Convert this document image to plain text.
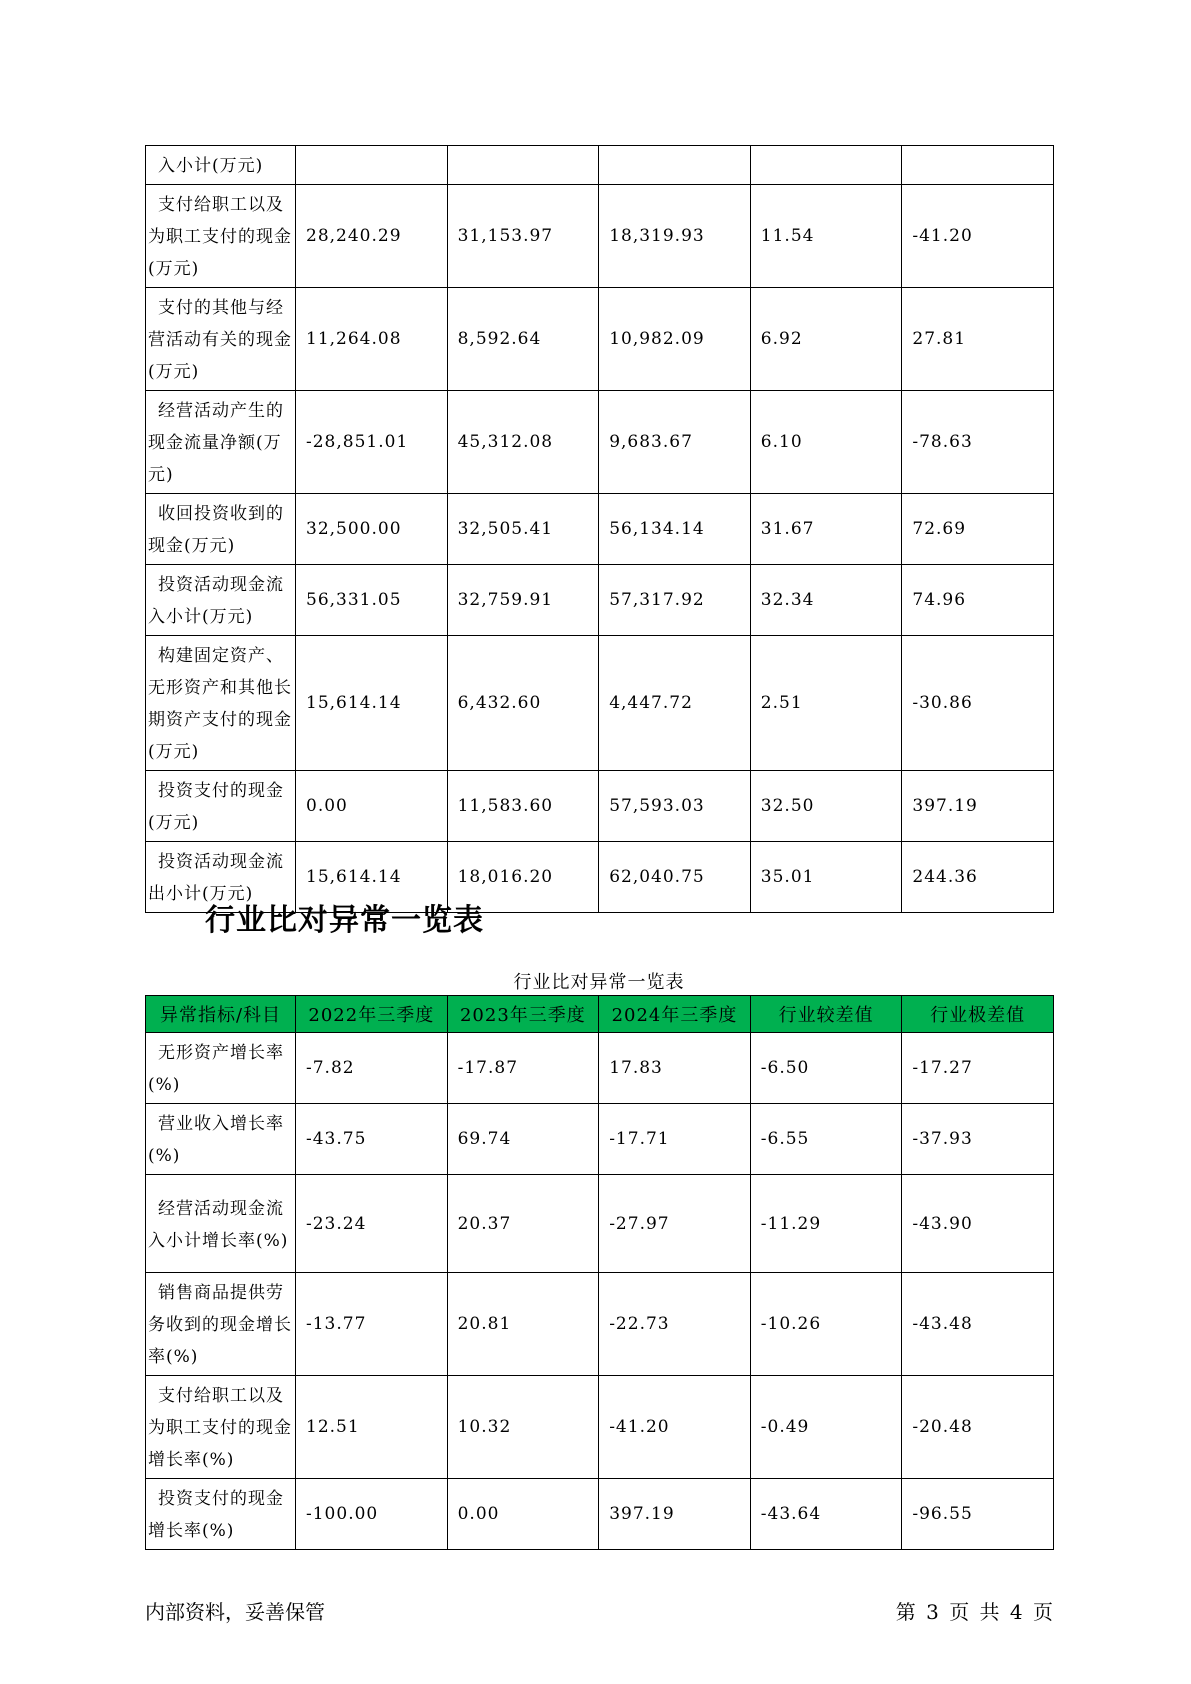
入小计(万元)					
支付给职工以及为职工支付的现金(万元)	28,240.29	31,153.97	18,319.93	11.54	-41.20
支付的其他与经营活动有关的现金(万元)	11,264.08	8,592.64	10,982.09	6.92	27.81
经营活动产生的现金流量净额(万元)	-28,851.01	45,312.08	9,683.67	6.10	-78.63
收回投资收到的现金(万元)	32,500.00	32,505.41	56,134.14	31.67	72.69
投资活动现金流入小计(万元)	56,331.05	32,759.91	57,317.92	32.34	74.96
构建固定资产、无形资产和其他长期资产支付的现金(万元)	15,614.14	6,432.60	4,447.72	2.51	-30.86
投资支付的现金(万元)	0.00	11,583.60	57,593.03	32.50	397.19
投资活动现金流出小计(万元)	15,614.14	18,016.20	62,040.75	35.01	244.36
行业比对异常一览表
行业比对异常一览表
异常指标/科目	2022年三季度	2023年三季度	2024年三季度	行业较差值	行业极差值
无形资产增长率(%)	-7.82	-17.87	17.83	-6.50	-17.27
营业收入增长率(%)	-43.75	69.74	-17.71	-6.55	-37.93
经营活动现金流入小计增长率(%)	-23.24	20.37	-27.97	-11.29	-43.90
销售商品提供劳务收到的现金增长率(%)	-13.77	20.81	-22.73	-10.26	-43.48
支付给职工以及为职工支付的现金增长率(%)	12.51	10.32	-41.20	-0.49	-20.48
投资支付的现金增长率(%)	-100.00	0.00	397.19	-43.64	-96.55
内部资料，妥善保管	第 3 页 共 4 页
